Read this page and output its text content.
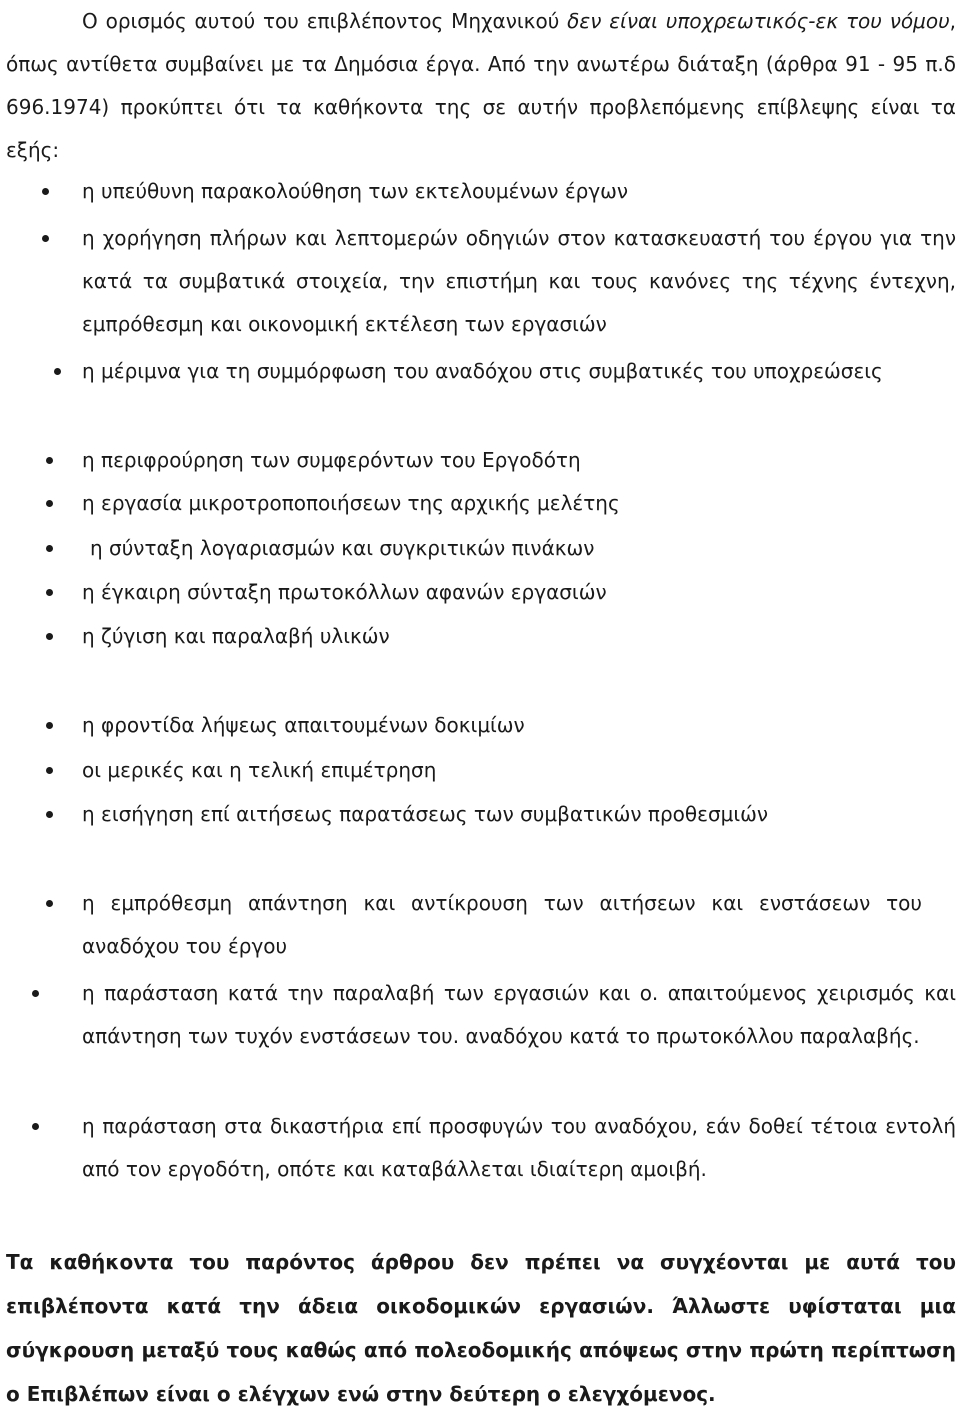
Ο ορισμός αυτού του επιβλέποντος Μηχανικού δεν είναι υποχρεωτικός-εκ του νόμου, όπως αντίθετα συμβαίνει με τα Δημόσια έργα. Από την ανωτέρω διάταξη (άρθρα 91 - 95 π.δ 696.1974) προκύπτει ότι τα καθήκοντα της σε αυτήν προβλεπόμενης επίβλεψης είναι τα εξής:

η υπεύθυνη παρακολούθηση των εκτελουμένων έργων

η χορήγηση πλήρων και λεπτομερών οδηγιών στον κατασκευαστή του έργου για την κατά τα συμβατικά στοιχεία, την επιστήμη και τους κανόνες της τέχνης έντεχνη, εμπρόθεσμη και οικονομική εκτέλεση των εργασιών

η μέριμνα για τη συμμόρφωση του αναδόχου στις συμβατικές του υποχρεώσεις

η περιφρούρηση των συμφερόντων του Εργοδότη

η εργασία μικροτροποποιήσεων της αρχικής μελέτης

η σύνταξη λογαριασμών και συγκριτικών πινάκων

η έγκαιρη σύνταξη πρωτοκόλλων αφανών εργασιών

η ζύγιση και παραλαβή υλικών

η φροντίδα λήψεως απαιτουμένων δοκιμίων

οι μερικές και η τελική επιμέτρηση

η εισήγηση επί αιτήσεως παρατάσεως των συμβατικών προθεσμιών

η εμπρόθεσμη απάντηση και αντίκρουση των αιτήσεων και ενστάσεων του αναδόχου του έργου

η παράσταση κατά την παραλαβή των εργασιών και ο. απαιτούμενος χειρισμός και απάντηση των τυχόν ενστάσεων του. αναδόχου κατά το πρωτοκόλλου παραλαβής.

η παράσταση στα δικαστήρια επί προσφυγών του αναδόχου, εάν δοθεί τέτοια εντολή από τον εργοδότη, οπότε και καταβάλλεται ιδιαίτερη αμοιβή.

Τα καθήκοντα του παρόντος άρθρου δεν πρέπει να συγχέονται με αυτά του επιβλέποντα κατά την άδεια οικοδομικών εργασιών. Άλλωστε υφίσταται μια σύγκρουση μεταξύ τους καθώς από πολεοδομικής απόψεως στην πρώτη περίπτωση ο Επιβλέπων είναι ο ελέγχων ενώ στην δεύτερη ο ελεγχόμενος.
